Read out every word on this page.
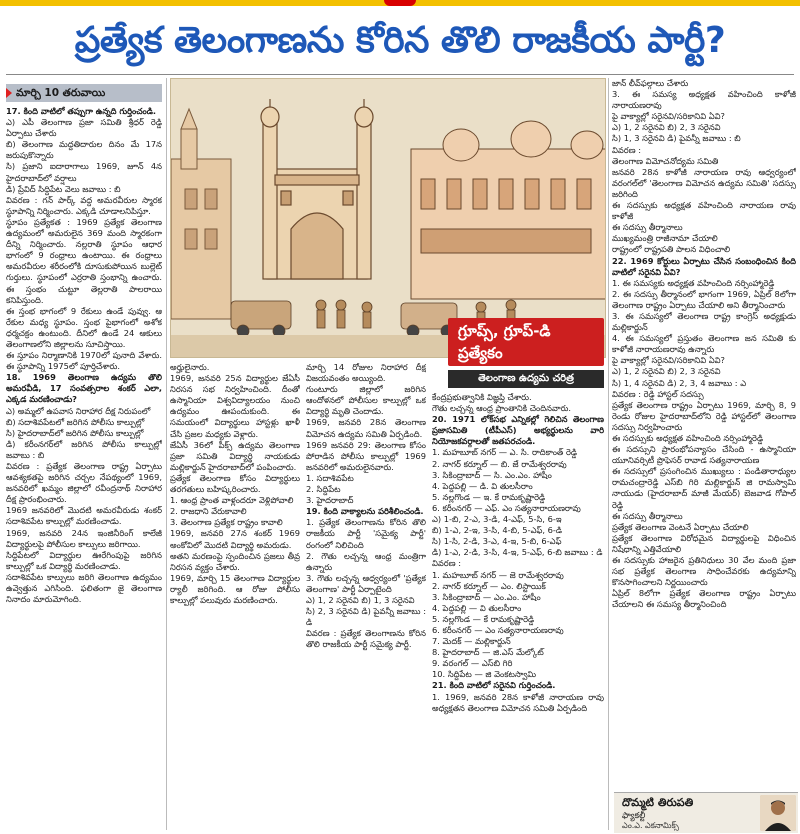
ప్రత్యేక తెలంగాణను కోరిన తొలి రాజకీయ పార్టీ?
మార్చి 10 తరువాయి

17. కింది వాటిలో తప్పుగా ఉన్నది గుర్తించండి.

ఎ) ఎపీ తెలంగాణ ప్రజా సమితి శ్రీధర్ రెడ్డి ఏర్పాటు చేశారు

బి) తెలంగాణ మద్దతిదారుల దినం మే 17న జరుపుకొన్నారు

సి) ప్రజాని ఐదారాగాలు 1969, జూన్ 4న హైదరాబాద్‌లో వర్షాలు

డి) ప్రేవిద్ సిద్దిపేట వెలు జవాబు : బి

వివరణ : గన్ పార్క్ వద్ద అమరవీరుల స్మారక స్థూపాన్ని నిర్మించారు. ఎక్కడి చూడాలనిపిస్తూ.

స్థూపం ప్రత్యేకత : 1969 ప్రత్యేక తెలంగాణ ఉద్యమంలో అమరులైన 369 మంది స్మారకంగా దీన్ని నిర్మించారు. నల్లరాతి స్థూపం ఆధార భాగంలో 9 రంధ్రాలు ఉంటాయి. ఈ రంధ్రాలు అమరవీరుల శరీరంలోకి దూసుకుపోయిన బుల్లెట్ గుర్తులు. స్థూపంలో ఎర్రరాతి స్తంభాన్ని ఉంచారు. ఈ స్తంభం చుట్టూ తెల్లరాతి పాలరాయి కనిపిస్తుంది.

ఈ స్తంభ భాగంలో 9 రేకులు ఉండే పువ్వు. ఆ రేకుల మధ్య స్థూపం. స్తంభ పైభాగంలో అశోక ధర్మచక్రం ఉంటుంది. దీనిలో ఉండే 24 ఆకులు తెలంగాణలోని జిల్లాలను సూచిస్తాయి.

ఈ స్తూపం నిర్మాణానికి 1970లో పునాది వేశారు. ఈ స్థూపాన్ని 1975లో పూర్తిచేశారు.

18. 1969 తెలంగాణ ఉద్యమ తొలి అమరవీడి, 17 సంవత్సరాల శంకర్ ఎలా, ఎక్కడ మరణించాడు?

ఎ) అమ్మలో ఉపవాస నిరాహార దీక్ష నిరుపంలో

బి) సదాశివపేటలో జరిగిన పోలీసు కాల్పుల్లో

సి) హైదరాబాద్‌లో జరిగిన పోలీసు కాల్పుల్లో

డి) కరీంనగర్‌లో జరిగిన పోలీసు కాల్పుల్లో జవాబు : బి

వివరణ : ప్రత్యేక తెలంగాణ రాష్ట్ర ఏర్పాటు ఆవశ్యకతపై జరిగిన చర్చల నేపథ్యంలో 1969, జనవరిలో ఖమ్మం జిల్లాలో రవీంద్రనాథ్ నిరాహార దీక్ష ప్రారంభించారు.

1969 జనవరిలో మొదటి అమరవీరుడు శంకర్ సదాశివపేట కాల్పుల్లో మరణించాడు.

1969, జనవరి 24న ఇంజినీరింగ్ కాలేజీ విద్యార్థులపై పోలీసుల కాల్పులు జరిగాయి.

సిద్దిపేటలో విద్యార్థుల ఊరేగింపుపై జరిగిన కాల్పుల్లో ఒక విద్యార్థి మరణించాడు.

సదాశివపేట కాల్పులు జరిగి తెలంగాణ ఉద్యమం ఉవ్వెత్తున ఎగిసింది. ఫలితంగా జై తెలంగాణ నినాదం మారుమోగింది.

గ్రూప్స్, గ్రూప్-డి
ప్రత్యేకం
తెలంగాణ ఉద్యమ చరిత్ర

అర్హులైనారు.

1969, జనవరి 25న విద్యార్థుల జేఏసీ నిరసన సభ నిర్వహించింది. దీంతో ఉస్మానియా విశ్వవిద్యాలయం నుంచి ఉద్యమం ఊపందుకుంది. ఈ సమయంలో విద్యార్థులు హాస్టళ్లు ఖాళీ చేసి ప్రజల మధ్యకు వెళ్లారు.

జేఏసీ 36లో పీక్స్ ఉద్యమ తెలంగాణ ప్రజా సమితి విద్యార్థి నాయకుడు మల్లికార్జున్ హైదరాబాద్‌లో పంపించారు.

ప్రత్యేక తెలంగాణ కోసం విద్యార్థులు తరగతులు బహిష్కరించారు.

1. ఆంధ్ర ప్రాంత వాళ్లందరూ వెళ్లిపోవాలి

2. రాజధాని వేరుకావాలి

3. తెలంగాణ ప్రత్యేక రాష్ట్రం కావాలి

1969, జనవరి 27న శంకర్ 1969 అంకోవిలో మొదటి విద్యార్థి అమరుడు.

అతని మరణంపై స్పందించిన ప్రజలు తీవ్ర నిరసన వ్యక్తం చేశారు.

1969, మార్చి 15 తెలంగాణ విద్యార్థుల ర్యాలీ జరిగింది. ఆ రోజు పోలీసు కాల్పుల్లో పలువురు మరణించారు.

మార్చి 14 రోజుల నిరాహార దీక్ష విజయవంతం అయ్యింది.

గుంటూరు జిల్లాలో జరిగిన ఆందోళనలో పోలీసుల కాల్పుల్లో ఒక విద్యార్థి మృతి చెందాడు.

1969, జనవరి 28న తెలంగాణ విమోచన ఉద్యమ సమితి ఏర్పడింది.

1969 జనవరి 29: తెలంగాణ కోసం పోరాడిన పోలీసు కాల్పుల్లో 1969 జనవరిలో అమరులైనవారు.

1. సదాశివపేట

2. సిద్దిపేట

3. హైదరాబాద్

19. కింది వాక్యాలను పరిశీలించండి.

1. ప్రత్యేక తెలంగాణను కోరిన తొలి రాజకీయ పార్టీ 'సమైక్య పార్టీ' రంగంలో నిలిచింది

2. గౌతు లచ్చన్న ఆంధ్ర మంత్రిగా ఉన్నారు

3. గౌతు లచ్చన్న ఆధ్వర్యంలో 'ప్రత్యేక తెలంగాణ' పార్టీ ఏర్పాటైంది

ఎ) 1, 2 సరైనవి బి) 1, 3 సరైనవి

సి) 2, 3 సరైనవి డి) పైవన్నీ జవాబు : డి

వివరణ : ప్రత్యేక తెలంగాణను కోరిన తొలి రాజకీయ పార్టీ సమైక్య పార్టీ.

కేంద్రప్రభుత్వానికి విజ్ఞప్తి చేశారు.

గౌతు లచ్చన్న ఆంధ్ర ప్రాంతానికి చెందినవారు.

20. 1971 లోక్‌సభ ఎన్నికల్లో గెలిచిన తెలంగాణ ప్రజాసమితి (టీపీఎస్) అభ్యర్థులను వారి నియోజకవర్గాలతో జతపరచండి.

1. మహబూబ్ నగర్ — ఎ. సి. రాదికాంత్ రెడ్డి

2. నాగర్ కర్నూల్ — బి. జే రామేశ్వరరావు

3. సికింద్రాబాద్ — సి. ఎం.ఎం. హాషీం

4. పెద్దపల్లి — డి. వి తులసీరాం

5. నల్లగొండ — ఇ. కే రామకృష్ణారెడ్డి

6. కరీంనగర్ — ఎఫ్. ఎం సత్యనారాయణరావు

ఎ) 1-బి, 2-ఎ, 3-డి, 4-ఎఫ్, 5-సి, 6-ఇ

బి) 1-ఎ, 2-ఇ, 3-సి, 4-బి, 5-ఎఫ్, 6-డి

సి) 1-సి, 2-డి, 3-ఎ, 4-ఇ, 5-బి, 6-ఎఫ్

డి) 1-ఎ, 2-డి, 3-సి, 4-ఇ, 5-ఎఫ్, 6-బి జవాబు : డి

వివరణ :

1. మహబూబ్ నగర్ — జె రామేశ్వరరావు

2. నాగర్ కర్నూల్ — ఎం. లిస్టాయిక్

3. సికింద్రాబాద్ — ఎం.ఎం. హాషీం

4. పెద్దపల్లి — వి తులసీరాం

5. నల్లగొండ — కే రామకృష్ణారెడ్డి

6. కరీంనగర్ — ఎం సత్యనారాయణరావు

7. మెదక్ — మల్లికార్జున్

8. హైదరాబాద్ — జి.ఎస్ మేల్కోట్

9. వరంగల్ — ఎస్‌బి గిరి

10. సిద్దిపేట — జి వెంకటస్వామి

21. కింది వాటిలో సరైనవి గుర్తించండి.

1. 1969, జనవరి 28న కాళోజీ నారాయణ రావు అధ్యక్షతన తెలంగాణ విమోచన సమితి ఏర్పడింది

జాన్ లీవ్‌ఫల్గాలు చేశారు

3. ఈ సమస్య అధ్యక్షత వహించింది కాళోజీ నారాయణరావు

పై వాక్యాల్లో సరైనవి/సరికానివి ఏవి?

ఎ) 1, 2 సరైనవి బి) 2, 3 సరైనవి

సి) 1, 3 సరైనవి డి) పైవన్నీ జవాబు : బి

వివరణ :

తెలంగాణ విమోచనోద్యమ సమితి

జనవరి 28న కాళోజీ నారాయణ రావు ఆధ్వర్యంలో వరంగల్‌లో 'తెలంగాణ విమోచన ఉద్యమ సమితి' సదస్సు జరిగింది

ఈ సదస్సుకు అధ్యక్షత వహించింది నారాయణ రావు కాళోజీ

ఈ సదస్సు తీర్మానాలు

ముఖ్యమంత్రి రాజీనామా చేయాలి

రాష్ట్రంలో రాష్ట్రపతి పాలన విధించాలి

22. 1969 కోర్టులు ఏర్పాటు చేసిన సంబంధించిన కింది వాటిలో సరైనవి ఏవి?

1. ఈ సమస్యకు అధ్యక్షత వహించింది నర్సింహ్మారెడ్డి

2. ఈ సదస్సు తీర్మానంలో భాగంగా 1969, ఏప్రిల్ 8లోగా తెలంగాణ రాష్ట్రం ఏర్పాటు చేయాలి అని తీర్మానించారు

3. ఈ సమస్యలో తెలంగాణ రాష్ట్ర కాంగ్రెస్ అధ్యక్షుడు మల్లికార్జున్

4. ఈ సమస్యలో ప్రస్తుతం తెలంగాణ జన సమితి కు కాళోజీ నారాయణరావు ఉన్నారు

పై వాక్యాల్లో సరైనవి/సరికానివి ఏవి?

ఎ) 1, 2 సరైనవి బి) 2, 3 సరైనవి

సి) 1, 4 సరైనవి డి) 2, 3, 4 జవాబు : ఎ

వివరణ : రెడ్డి హాస్టల్ సదస్సు

ప్రత్యేక తెలంగాణ రాష్ట్రం ఏర్పాటు 1969, మార్చి 8, 9 రెండు రోజుల హైదరాబాద్‌లోని రెడ్డి హాస్టల్‌లో తెలంగాణ సదస్సు నిర్వహించారు

ఈ సదస్సుకు అధ్యక్షత వహించింది నర్సింహ్మారెడ్డి

ఈ సదస్సుని ప్రారంభోపన్యాసం చేసింది - ఉస్మానియా యూనివర్సిటీ ప్రొఫెసర్ రావాడ సత్యనారాయణ

ఈ సదస్సులో ప్రసంగించిన ముఖ్యులు : పండితారాధ్యుల రామచంద్రారెడ్డి ఎస్‌బి గిరి మల్లికార్జున్ జి రామస్వామి నాయుడు (హైదరాబాద్ మాజీ మేయర్) బెజవాడ గోపాల్ రెడ్డి

ఈ సదస్సు తీర్మానాలు

ప్రత్యేక తెలంగాణ వెంటనే ఏర్పాటు చేయాలి

ప్రత్యేక తెలంగాణ విరోధమైన విద్యార్థులపై విధించిన నిషేధాన్ని ఎత్తివేయాలి

ఈ సదస్సుకు హాజరైన ప్రతినిధులు 30 వేల మంది ప్రజా సభ ప్రత్యేక తెలంగాణ సాధించేవరకు ఉద్యమాన్ని కొనసాగించాలని నిర్ణయించారు

ఏప్రిల్ 8లోగా ప్రత్యేక తెలంగాణ రాష్ట్రం ఏర్పాటు చేయాలని ఈ సమస్య తీర్మానించింది

దొమ్మటి తిరుపతి
ఫ్యాకల్టీ
ఎం.ఎ. ఎకనామిక్స్
